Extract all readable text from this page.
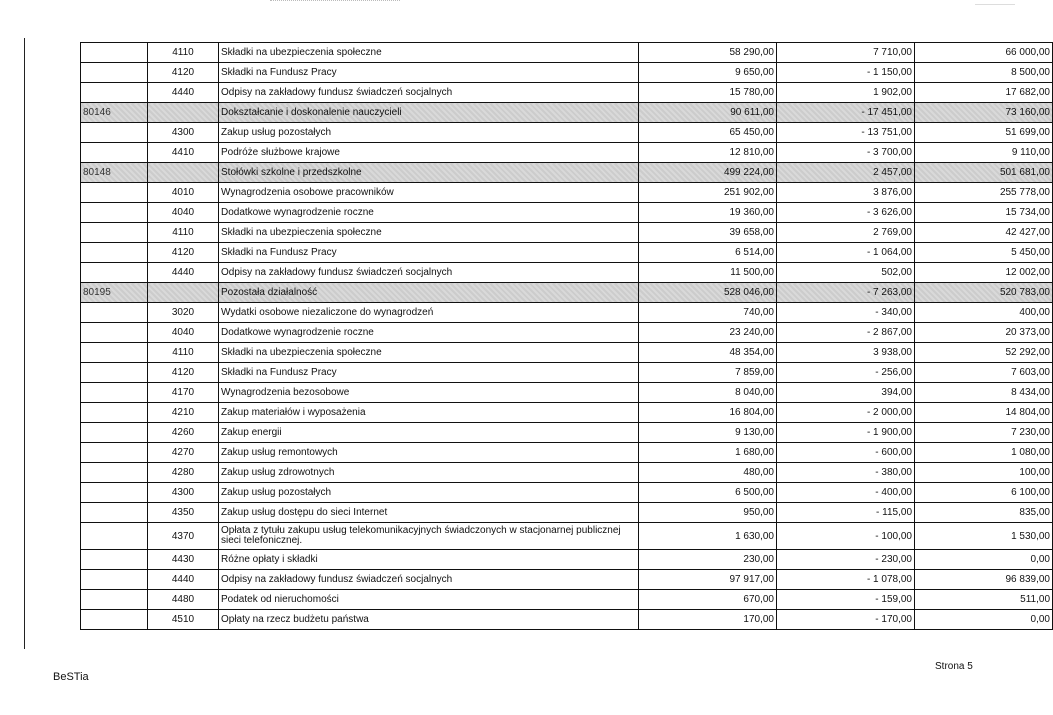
	4110	Składki na ubezpieczenia społeczne	58 290,00	7 710,00	66 000,00
	4120	Składki na Fundusz Pracy	9 650,00	- 1 150,00	8 500,00
	4440	Odpisy na zakładowy fundusz świadczeń socjalnych	15 780,00	1 902,00	17 682,00
80146		Dokształcanie i doskonalenie nauczycieli	90 611,00	- 17 451,00	73 160,00
	4300	Zakup usług pozostałych	65 450,00	- 13 751,00	51 699,00
	4410	Podróże służbowe krajowe	12 810,00	- 3 700,00	9 110,00
80148		Stołówki szkolne i przedszkolne	499 224,00	2 457,00	501 681,00
	4010	Wynagrodzenia osobowe pracowników	251 902,00	3 876,00	255 778,00
	4040	Dodatkowe wynagrodzenie roczne	19 360,00	- 3 626,00	15 734,00
	4110	Składki na ubezpieczenia społeczne	39 658,00	2 769,00	42 427,00
	4120	Składki na Fundusz Pracy	6 514,00	- 1 064,00	5 450,00
	4440	Odpisy na zakładowy fundusz świadczeń socjalnych	11 500,00	502,00	12 002,00
80195		Pozostała działalność	528 046,00	- 7 263,00	520 783,00
	3020	Wydatki osobowe niezaliczone do wynagrodzeń	740,00	- 340,00	400,00
	4040	Dodatkowe wynagrodzenie roczne	23 240,00	- 2 867,00	20 373,00
	4110	Składki na ubezpieczenia społeczne	48 354,00	3 938,00	52 292,00
	4120	Składki na Fundusz Pracy	7 859,00	- 256,00	7 603,00
	4170	Wynagrodzenia bezosobowe	8 040,00	394,00	8 434,00
	4210	Zakup materiałów i wyposażenia	16 804,00	- 2 000,00	14 804,00
	4260	Zakup energii	9 130,00	- 1 900,00	7 230,00
	4270	Zakup usług remontowych	1 680,00	- 600,00	1 080,00
	4280	Zakup usług zdrowotnych	480,00	- 380,00	100,00
	4300	Zakup usług pozostałych	6 500,00	- 400,00	6 100,00
	4350	Zakup usług dostępu do sieci Internet	950,00	- 115,00	835,00
	4370	Opłata z tytułu zakupu usług telekomunikacyjnych świadczonych w stacjonarnej publicznej sieci telefonicznej.	1 630,00	- 100,00	1 530,00
	4430	Różne opłaty i składki	230,00	- 230,00	0,00
	4440	Odpisy na zakładowy fundusz świadczeń socjalnych	97 917,00	- 1 078,00	96 839,00
	4480	Podatek od nieruchomości	670,00	- 159,00	511,00
	4510	Opłaty na rzecz budżetu państwa	170,00	- 170,00	0,00
BeSTia
Strona 5
